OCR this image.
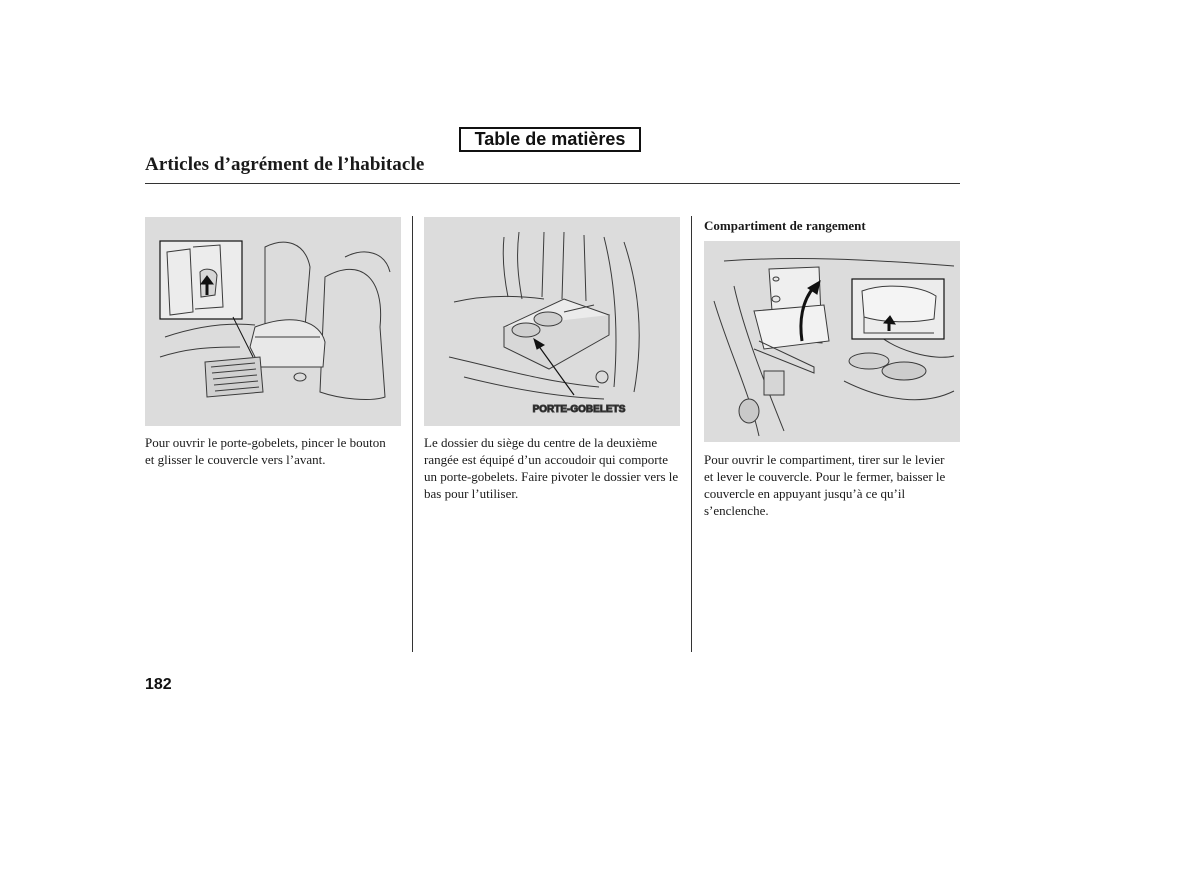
Table de matières
Articles d’agrément de l’habitacle

Pour ouvrir le porte-gobelets, pincer le bouton et glisser le couvercle vers l’avant.

PORTE-GOBELETS

Le dossier du siège du centre de la deuxième rangée est équipé d’un accoudoir qui comporte un porte-gobelets. Faire pivoter le dossier vers le bas pour l’utiliser.

Compartiment de rangement

Pour ouvrir le compartiment, tirer sur le levier et lever le couvercle. Pour le fermer, baisser le couvercle en appuyant jusqu’à ce qu’il s’enclenche.

182
